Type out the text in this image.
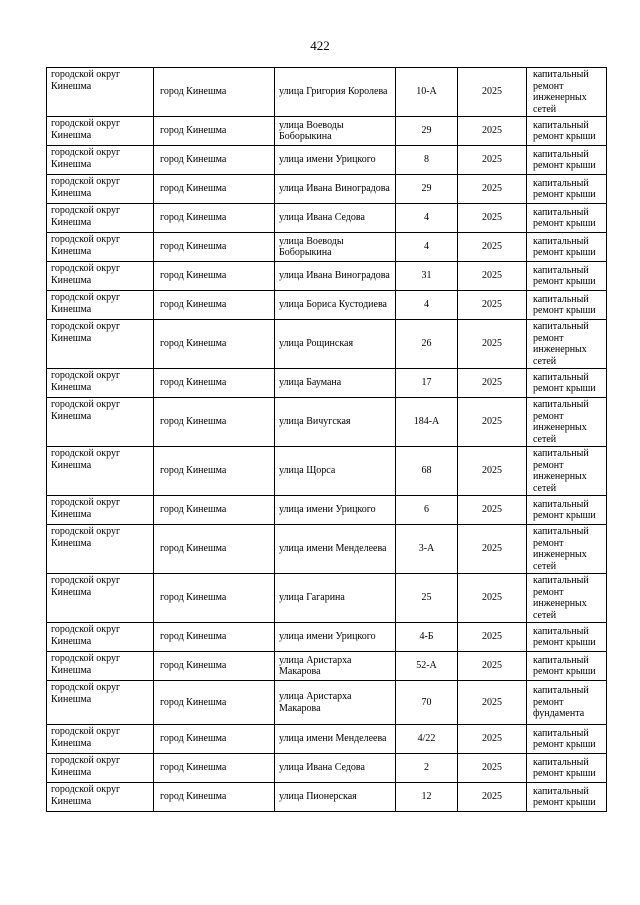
422
городской округ Кинешма	город Кинешма	улица Григория Королева	10-А	2025	капитальный ремонт инженерных сетей
городской округ Кинешма	город Кинешма	улица Воеводы Боборыкина	29	2025	капитальный ремонт крыши
городской округ Кинешма	город Кинешма	улица имени Урицкого	8	2025	капитальный ремонт крыши
городской округ Кинешма	город Кинешма	улица Ивана Виноградова	29	2025	капитальный ремонт крыши
городской округ Кинешма	город Кинешма	улица Ивана Седова	4	2025	капитальный ремонт крыши
городской округ Кинешма	город Кинешма	улица Воеводы Боборыкина	4	2025	капитальный ремонт крыши
городской округ Кинешма	город Кинешма	улица Ивана Виноградова	31	2025	капитальный ремонт крыши
городской округ Кинешма	город Кинешма	улица Бориса Кустодиева	4	2025	капитальный ремонт крыши
городской округ Кинешма	город Кинешма	улица Рощинская	26	2025	капитальный ремонт инженерных сетей
городской округ Кинешма	город Кинешма	улица Баумана	17	2025	капитальный ремонт крыши
городской округ Кинешма	город Кинешма	улица Вичугская	184-А	2025	капитальный ремонт инженерных сетей
городской округ Кинешма	город Кинешма	улица Щорса	68	2025	капитальный ремонт инженерных сетей
городской округ Кинешма	город Кинешма	улица имени Урицкого	6	2025	капитальный ремонт крыши
городской округ Кинешма	город Кинешма	улица имени Менделеева	3-А	2025	капитальный ремонт инженерных сетей
городской округ Кинешма	город Кинешма	улица Гагарина	25	2025	капитальный ремонт инженерных сетей
городской округ Кинешма	город Кинешма	улица имени Урицкого	4-Б	2025	капитальный ремонт крыши
городской округ Кинешма	город Кинешма	улица Аристарха Макарова	52-А	2025	капитальный ремонт крыши
городской округ Кинешма	город Кинешма	улица Аристарха Макарова	70	2025	капитальный ремонт фундамента
городской округ Кинешма	город Кинешма	улица имени Менделеева	4/22	2025	капитальный ремонт крыши
городской округ Кинешма	город Кинешма	улица Ивана Седова	2	2025	капитальный ремонт крыши
городской округ Кинешма	город Кинешма	улица Пионерская	12	2025	капитальный ремонт крыши
